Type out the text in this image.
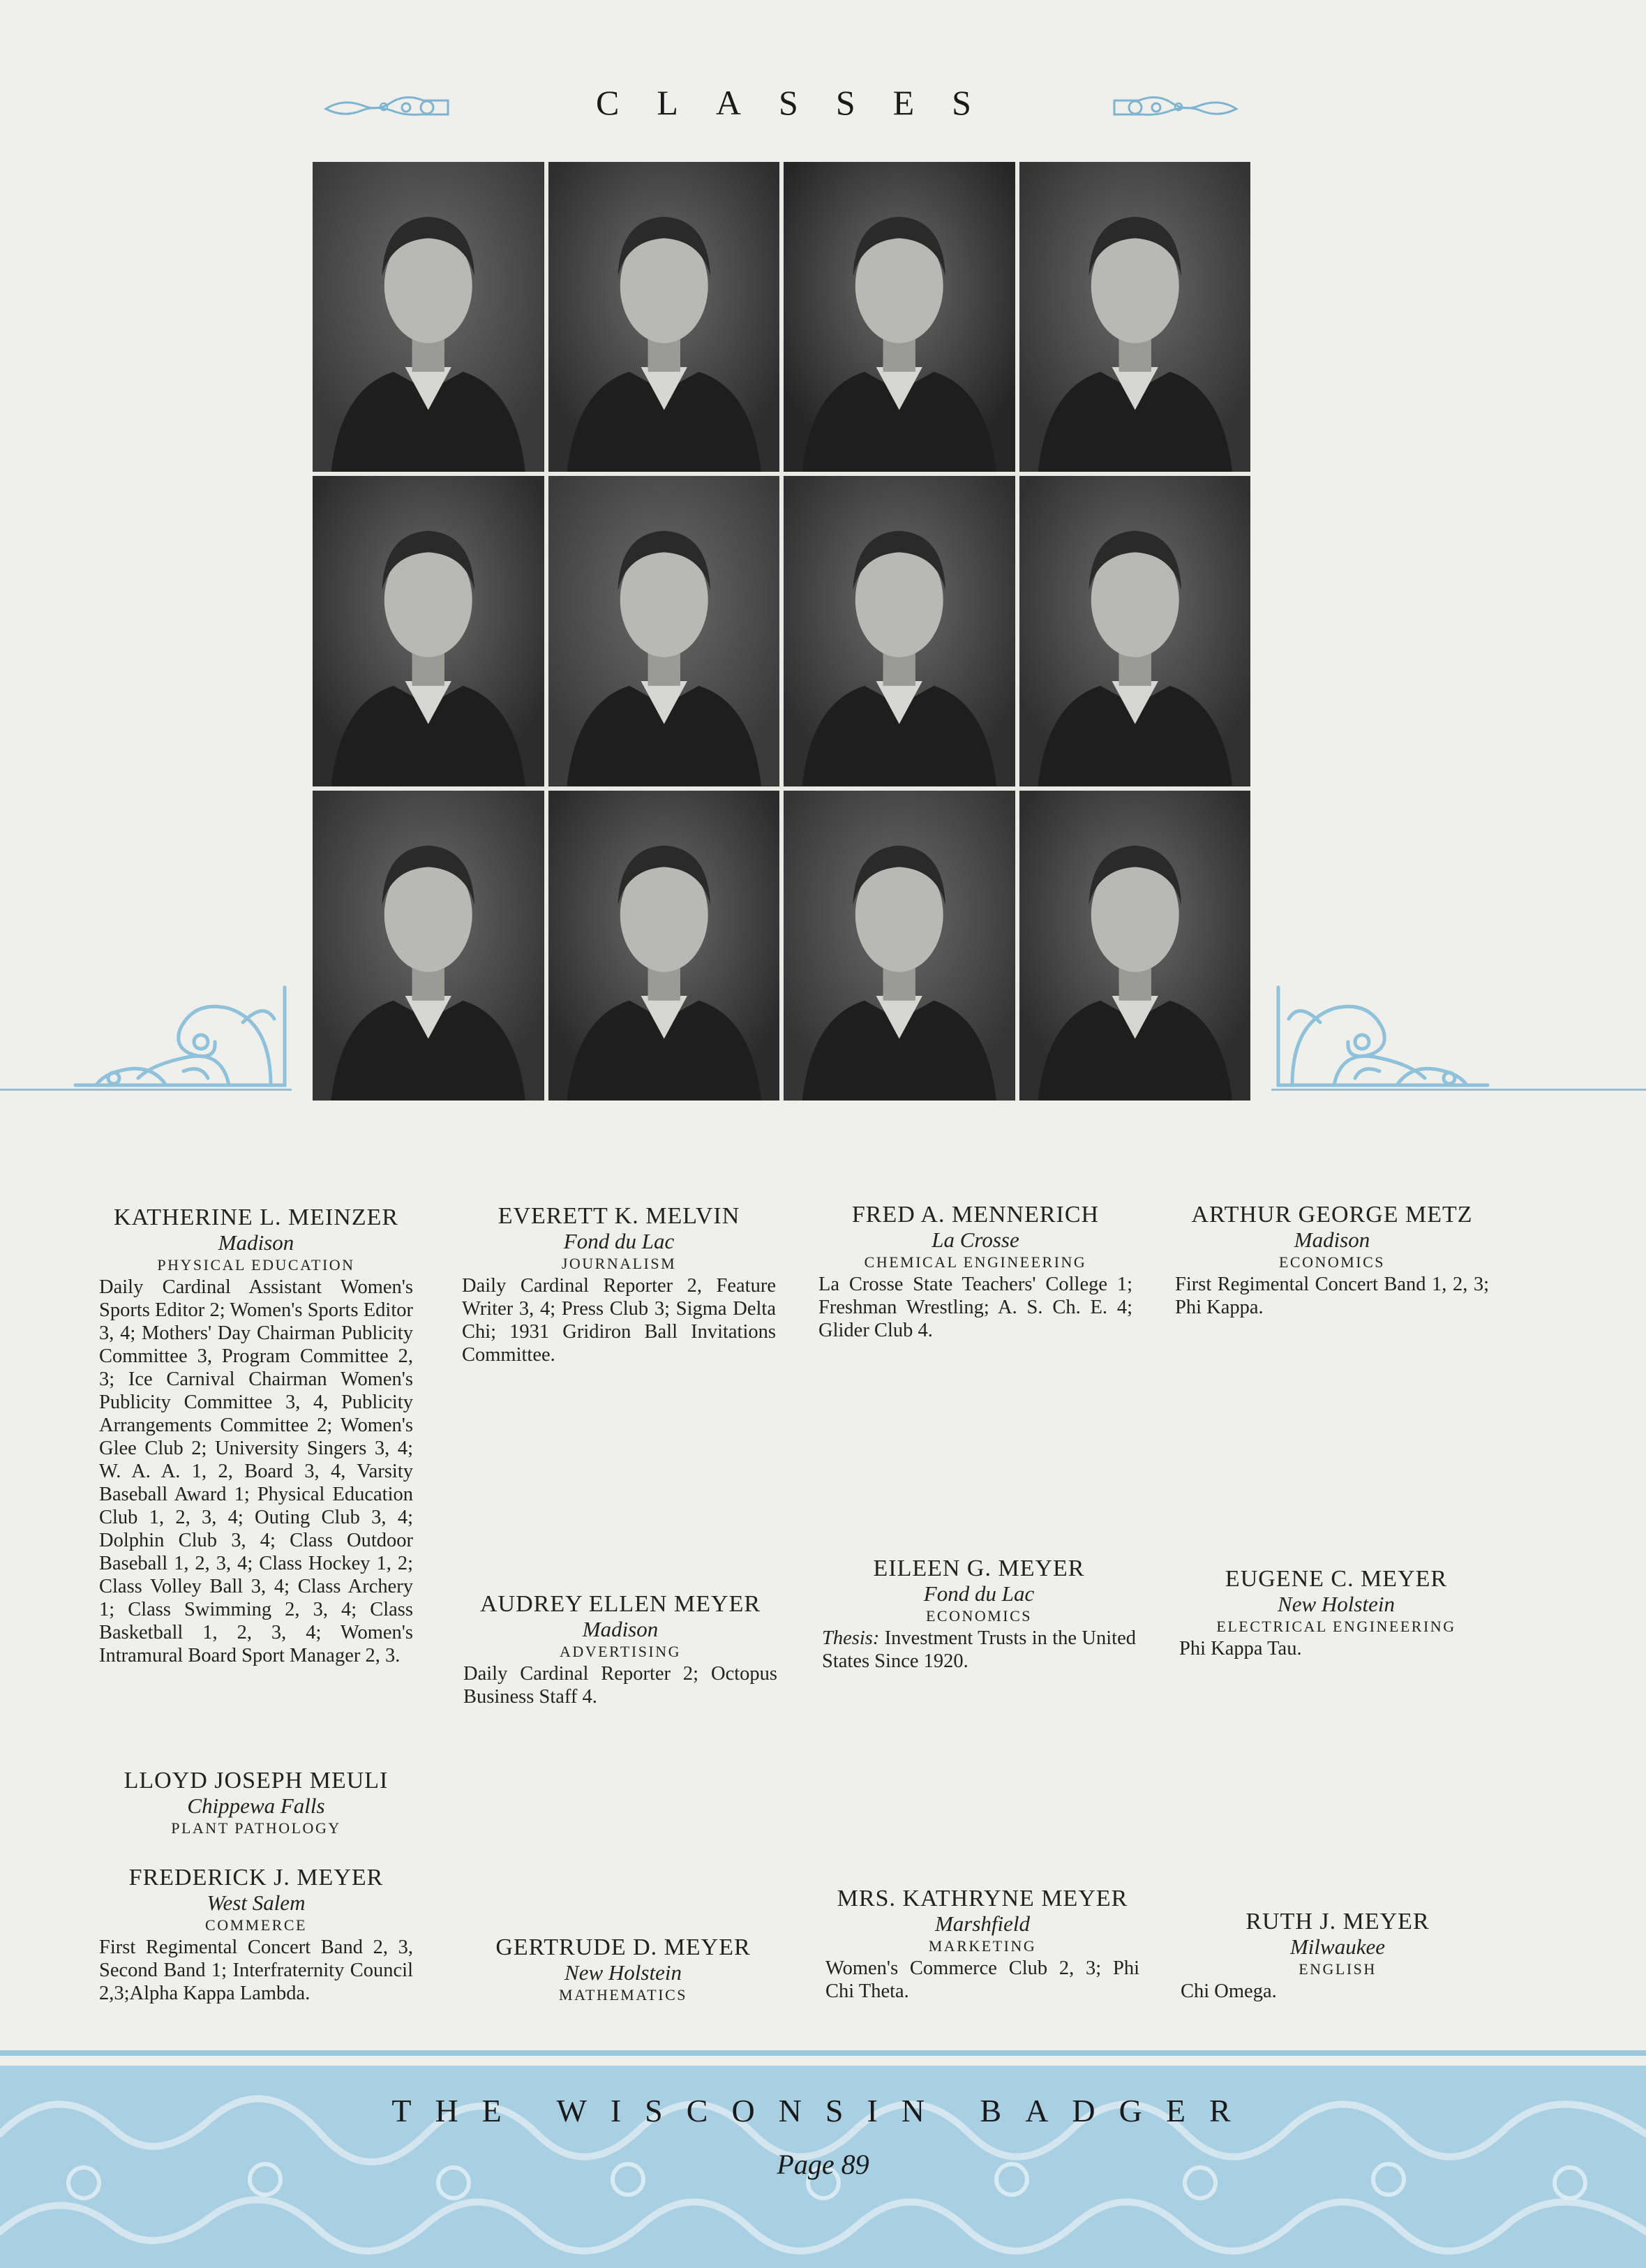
CLASSES
KATHERINE L. MEINZER
Madison
PHYSICAL EDUCATION
Daily Cardinal Assistant Women's Sports Editor 2; Women's Sports Editor 3, 4; Mothers' Day Chairman Publicity Committee 3, Program Committee 2, 3; Ice Carnival Chairman Women's Publicity Committee 3, 4, Publicity Arrangements Committee 2; Women's Glee Club 2; University Singers 3, 4; W. A. A. 1, 2, Board 3, 4, Varsity Baseball Award 1; Physical Education Club 1, 2, 3, 4; Outing Club 3, 4; Dolphin Club 3, 4; Class Outdoor Baseball 1, 2, 3, 4; Class Hockey 1, 2; Class Volley Ball 3, 4; Class Archery 1; Class Swimming 2, 3, 4; Class Basketball 1, 2, 3, 4; Women's Intramural Board Sport Manager 2, 3.
LLOYD JOSEPH MEULI
Chippewa Falls
PLANT PATHOLOGY
FREDERICK J. MEYER
West Salem
COMMERCE
First Regimental Concert Band 2, 3, Second Band 1; Interfraternity Council 2,3;Alpha Kappa Lambda.
EVERETT K. MELVIN
Fond du Lac
JOURNALISM
Daily Cardinal Reporter 2, Feature Writer 3, 4; Press Club 3; Sigma Delta Chi; 1931 Gridiron Ball Invitations Committee.
AUDREY ELLEN MEYER
Madison
ADVERTISING
Daily Cardinal Reporter 2; Octopus Business Staff 4.
GERTRUDE D. MEYER
New Holstein
MATHEMATICS
FRED A. MENNERICH
La Crosse
CHEMICAL ENGINEERING
La Crosse State Teachers' College 1; Freshman Wrestling; A. S. Ch. E. 4; Glider Club 4.
EILEEN G. MEYER
Fond du Lac
ECONOMICS
Thesis: Investment Trusts in the United States Since 1920.
MRS. KATHRYNE MEYER
Marshfield
MARKETING
Women's Commerce Club 2, 3; Phi Chi Theta.
ARTHUR GEORGE METZ
Madison
ECONOMICS
First Regimental Concert Band 1, 2, 3; Phi Kappa.
EUGENE C. MEYER
New Holstein
ELECTRICAL ENGINEERING
Phi Kappa Tau.
RUTH J. MEYER
Milwaukee
ENGLISH
Chi Omega.
THE WISCONSIN BADGER
Page 89
